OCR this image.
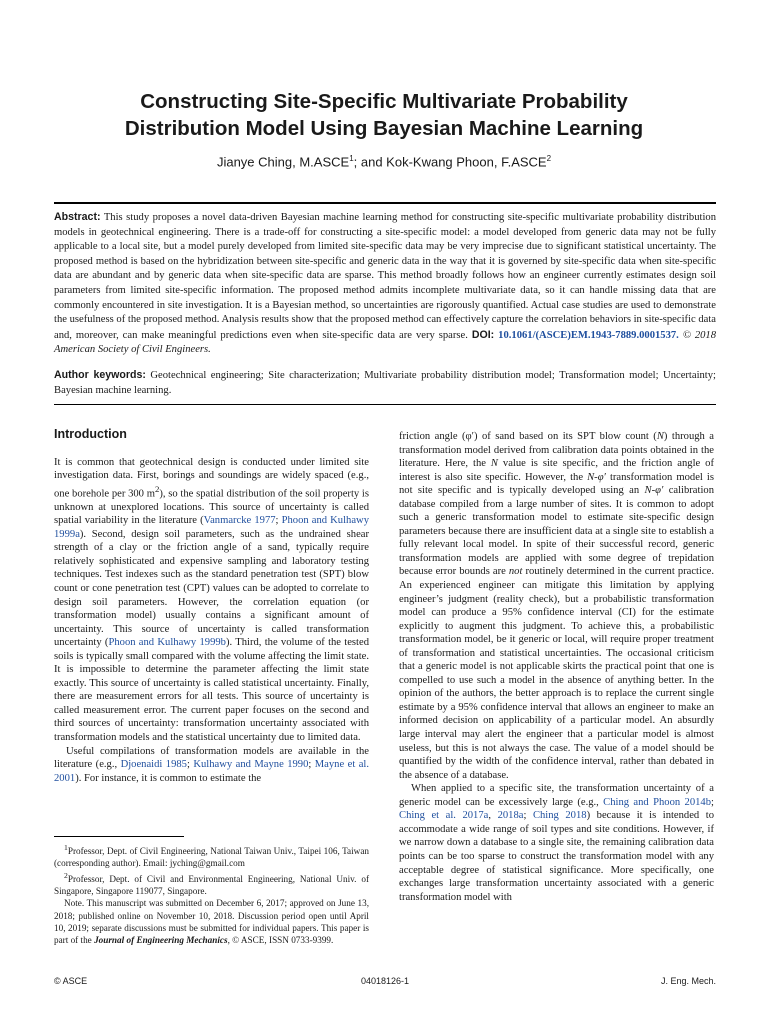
Constructing Site-Specific Multivariate Probability
Distribution Model Using Bayesian Machine Learning
Jianye Ching, M.ASCE$^1$; and Kok-Kwang Phoon, F.ASCE$^2$

Abstract: This study proposes a novel data-driven Bayesian machine learning method for constructing site-specific multivariate probability distribution models in geotechnical engineering. There is a trade-off for constructing a site-specific model: a model developed from generic data may not be fully applicable to a local site, but a model purely developed from limited site-specific data may be very imprecise due to significant statistical uncertainty. The proposed method is based on the hybridization between site-specific and generic data in the way that it is governed by site-specific data when site-specific data are abundant and by generic data when site-specific data are sparse. This method broadly follows how an engineer currently estimates design soil parameters from limited site-specific information. The proposed method admits incomplete multivariate data, so it can handle missing data that are commonly encountered in site investigation. It is a Bayesian method, so uncertainties are rigorously quantified. Actual case studies are used to demonstrate the usefulness of the proposed method. Analysis results show that the proposed method can effectively capture the correlation behaviors in site-specific data and, moreover, can make meaningful predictions even when site-specific data are very sparse. DOI: 10.1061/(ASCE)EM.1943-7889.0001537. © 2018 American Society of Civil Engineers.

Author keywords: Geotechnical engineering; Site characterization; Multivariate probability distribution model; Transformation model; Uncertainty; Bayesian machine learning.

Introduction

It is common that geotechnical design is conducted under limited site investigation data. First, borings and soundings are widely spaced (e.g., one borehole per 300 $m^2$), so the spatial distribution of the soil property is unknown at unexplored locations. This source of uncertainty is called spatial variability in the literature (Vanmarcke 1977; Phoon and Kulhawy 1999a). Second, design soil parameters, such as the undrained shear strength of a clay or the friction angle of a sand, typically require relatively sophisticated and expensive sampling and laboratory testing techniques. Test indexes such as the standard penetration test (SPT) blow count or cone penetration test (CPT) values can be adopted to correlate to design soil parameters. However, the correlation equation (or transformation model) usually contains a significant amount of uncertainty. This source of uncertainty is called transformation uncertainty (Phoon and Kulhawy 1999b). Third, the volume of the tested soils is typically small compared with the volume affecting the limit state. It is impossible to determine the parameter affecting the limit state exactly. This source of uncertainty is called statistical uncertainty. Finally, there are measurement errors for all tests. This source of uncertainty is called measurement error. The current paper focuses on the second and third sources of uncertainty: transformation uncertainty associated with transformation models and the statistical uncertainty due to limited data.

Useful compilations of transformation models are available in the literature (e.g., Djoenaidi 1985; Kulhawy and Mayne 1990; Mayne et al. 2001). For instance, it is common to estimate the

$^1$Professor, Dept. of Civil Engineering, National Taiwan Univ., Taipei 106, Taiwan (corresponding author). Email: jyching@gmail.com

$^2$Professor, Dept. of Civil and Environmental Engineering, National Univ. of Singapore, Singapore 119077, Singapore.

Note. This manuscript was submitted on December 6, 2017; approved on June 13, 2018; published online on November 10, 2018. Discussion period open until April 10, 2019; separate discussions must be submitted for individual papers. This paper is part of the Journal of Engineering Mechanics, © ASCE, ISSN 0733-9399.

friction angle (φ′) of sand based on its SPT blow count (N) through a transformation model derived from calibration data points obtained in the literature. Here, the N value is site specific, and the friction angle of interest is also site specific. However, the N-φ′ transformation model is not site specific and is typically developed using an N-φ′ calibration database compiled from a large number of sites. It is common to adopt such a generic transformation model to estimate site-specific design parameters because there are insufficient data at a single site to establish a fully relevant local model. In spite of their successful record, generic transformation models are applied with some degree of trepidation because error bounds are not routinely determined in the current practice. An experienced engineer can mitigate this limitation by applying engineer’s judgment (reality check), but a probabilistic transformation model can produce a 95% confidence interval (CI) for the estimate explicitly to augment this judgment. To achieve this, a probabilistic transformation model, be it generic or local, will require proper treatment of transformation and statistical uncertainties. The occasional criticism that a generic model is not applicable skirts the practical point that one is compelled to use such a model in the absence of anything better. In the opinion of the authors, the better approach is to replace the current single estimate by a 95% confidence interval that allows an engineer to make an informed decision on applicability of a particular model. An absurdly large interval may alert the engineer that a particular model is almost useless, but this is not always the case. The value of a model should be quantified by the width of the confidence interval, rather than debated in the absence of a database.

When applied to a specific site, the transformation uncertainty of a generic model can be excessively large (e.g., Ching and Phoon 2014b; Ching et al. 2017a, 2018a; Ching 2018) because it is intended to accommodate a wide range of soil types and site conditions. However, if we narrow down a database to a single site, the remaining calibration data points can be too sparse to construct the transformation model with any acceptable degree of statistical significance. More specifically, one exchanges large transformation uncertainty associated with a generic transformation model with

© ASCE	04018126-1	J. Eng. Mech.
